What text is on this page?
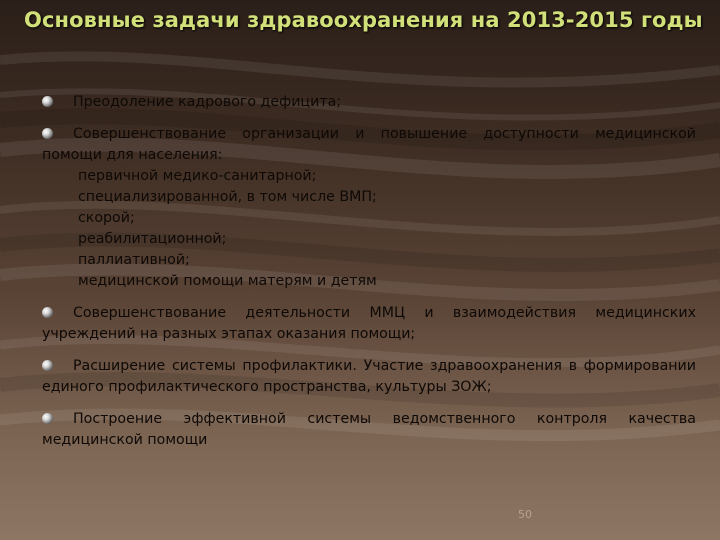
Основные задачи здравоохранения на 2013-2015 годы
Преодоление кадрового дефицита;
Совершенствование организации и повышение доступности медицинской помощи для населения:
первичной медико-санитарной;
специализированной, в том числе ВМП;
скорой;
реабилитационной;
паллиативной;
медицинской помощи матерям и детям
Совершенствование деятельности ММЦ и взаимодействия медицинских учреждений на разных этапах оказания помощи;
Расширение системы профилактики. Участие здравоохранения в формировании единого профилактического пространства, культуры ЗОЖ;
Построение эффективной системы ведомственного контроля качества медицинской помощи
50
